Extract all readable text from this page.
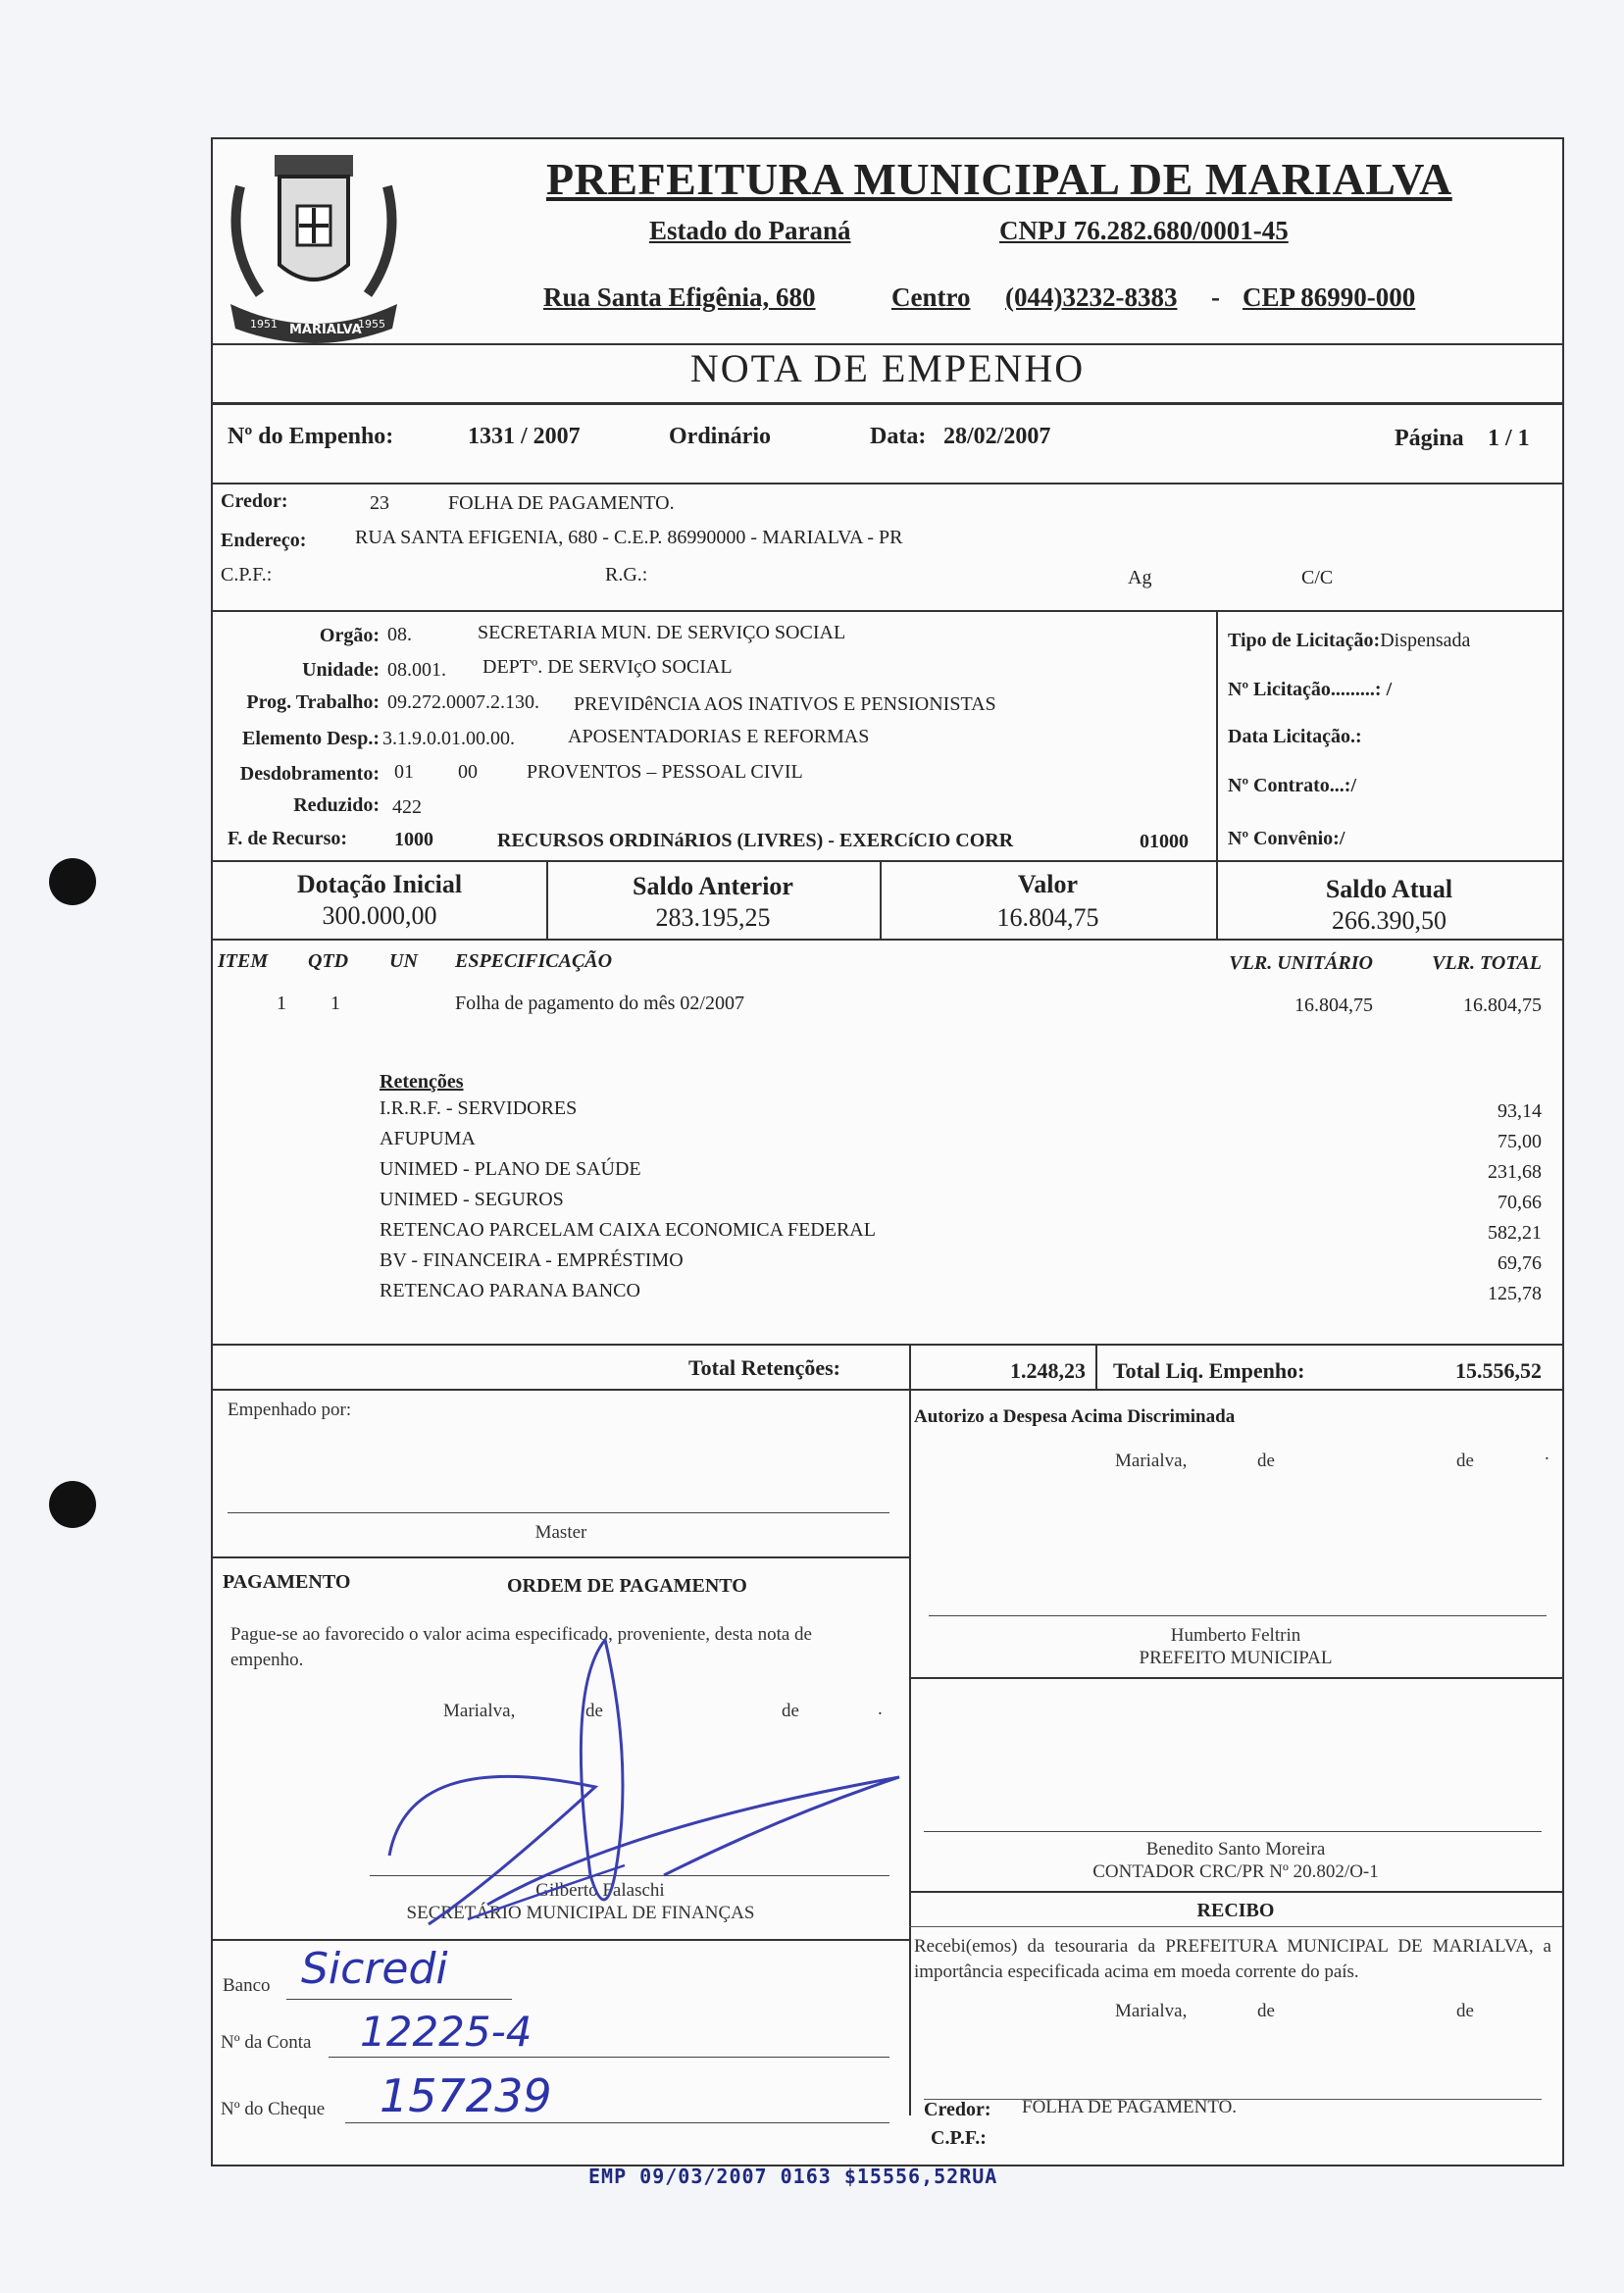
1951 MARIALVA
1955
PREFEITURA MUNICIPAL DE MARIALVA
Estado do Paraná	CNPJ 76.282.680/0001-45
Rua Santa Efigênia, 680	Centro (044)3232-8383 - CEP 86990-000
NOTA DE EMPENHO
Nº do Empenho:	1331 / 2007	Ordinário	Data: 28/02/2007	Página 1 / 1
Credor:	23	FOLHA DE PAGAMENTO.
Endereço: RUA SANTA EFIGENIA, 680 - C.E.P. 86990000 - MARIALVA - PR
C.P.F.:	R.G.:	Ag	C/C
Orgão: 08.	SECRETARIA MUN. DE SERVIÇO SOCIAL
Unidade: 08.001. DEPTº. DE SERVIçO SOCIAL
Prog. Trabalho: 09.272.0007.2.130. PREVIDêNCIA AOS INATIVOS E PENSIONISTAS
Elemento Desp.: 3.1.9.0.01.00.00.	APOSENTADORIAS E REFORMAS
Desdobramento: 01 00	PROVENTOS – PESSOAL CIVIL
Reduzido: 422
F. de Recurso: 1000	RECURSOS ORDINáRIOS (LIVRES) - EXERCíCIO CORR	01000
Tipo de Licitação:Dispensada
Nº Licitação.........: /
Data Licitação.:
Nº Contrato...:/
Nº Convênio:/
Dotação Inicial
300.000,00
Saldo Anterior
283.195,25
Valor
16.804,75
Saldo Atual
266.390,50
ITEM QTD UN ESPECIFICAÇÃO	VLR. UNITÁRIO	VLR. TOTAL
1 1	Folha de pagamento do mês 02/2007	16.804,75	16.804,75
Retenções
I.R.R.F. - SERVIDORES	93,14
AFUPUMA	75,00
UNIMED - PLANO DE SAÚDE	231,68
UNIMED - SEGUROS	70,66
RETENCAO PARCELAM CAIXA ECONOMICA FEDERAL	582,21
BV - FINANCEIRA - EMPRÉSTIMO	69,76
RETENCAO PARANA BANCO	125,78
Total Retenções:	1.248,23 Total Liq. Empenho:	15.556,52
Empenhado por:
Master
Autorizo a Despesa Acima Discriminada
Marialva,	de	de	.
Humberto Feltrin
PREFEITO MUNICIPAL
PAGAMENTO	ORDEM DE PAGAMENTO
Pague-se ao favorecido o valor acima especificado, proveniente, desta nota de empenho.
Marialva,	de	de	.
Gilberto Falaschi
SECRETÁRIO MUNICIPAL DE FINANÇAS
Benedito Santo Moreira
CONTADOR CRC/PR Nº 20.802/O-1
RECIBO
Recebi(emos) da tesouraria da PREFEITURA MUNICIPAL DE MARIALVA, a importância especificada acima em moeda corrente do país.
Marialva,	de	de
Credor: FOLHA DE PAGAMENTO.
C.P.F.:
Banco Sicredi
Nº da Conta 12225-4
Nº do Cheque 157239
EMP 09/03/2007 0163 $15556,52RUA
